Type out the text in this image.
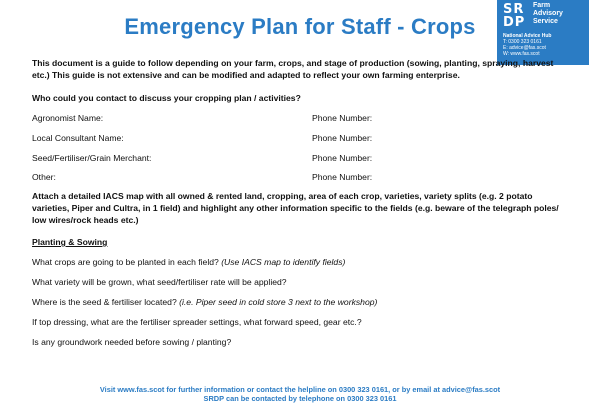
Emergency Plan for Staff - Crops
S R
D P
Farm
Advisory
Service
National Advice Hub
T: 0300 323 0161
E: advice@fas.scot
W: www.fas.scot
This document is a guide to follow depending on your farm, crops, and stage of production (sowing, planting, spraying, harvest etc.) This guide is not extensive and can be modified and adapted to reflect your own farming enterprise.
Who could you contact to discuss your cropping plan / activities?
Agronomist Name:	Phone Number:
Local Consultant Name:	Phone Number:
Seed/Fertiliser/Grain Merchant:	Phone Number:
Other:	Phone Number:
Attach a detailed IACS map with all owned & rented land, cropping, area of each crop, varieties, variety splits (e.g. 2 potato varieties, Piper and Cultra, in 1 field) and highlight any other information specific to the fields (e.g. beware of the telegraph poles/ low wires/rock heads etc.)
Planting & Sowing
What crops are going to be planted in each field? (Use IACS map to identify fields)
What variety will be grown, what seed/fertiliser rate will be applied?
Where is the seed & fertiliser located? (i.e. Piper seed in cold store 3 next to the workshop)
If top dressing, what are the fertiliser spreader settings, what forward speed, gear etc.?
Is any groundwork needed before sowing / planting?
Visit www.fas.scot for further information or contact the helpline on 0300 323 0161, or by email at advice@fas.scot
SRDP can be contacted by telephone on 0300 323 0161
